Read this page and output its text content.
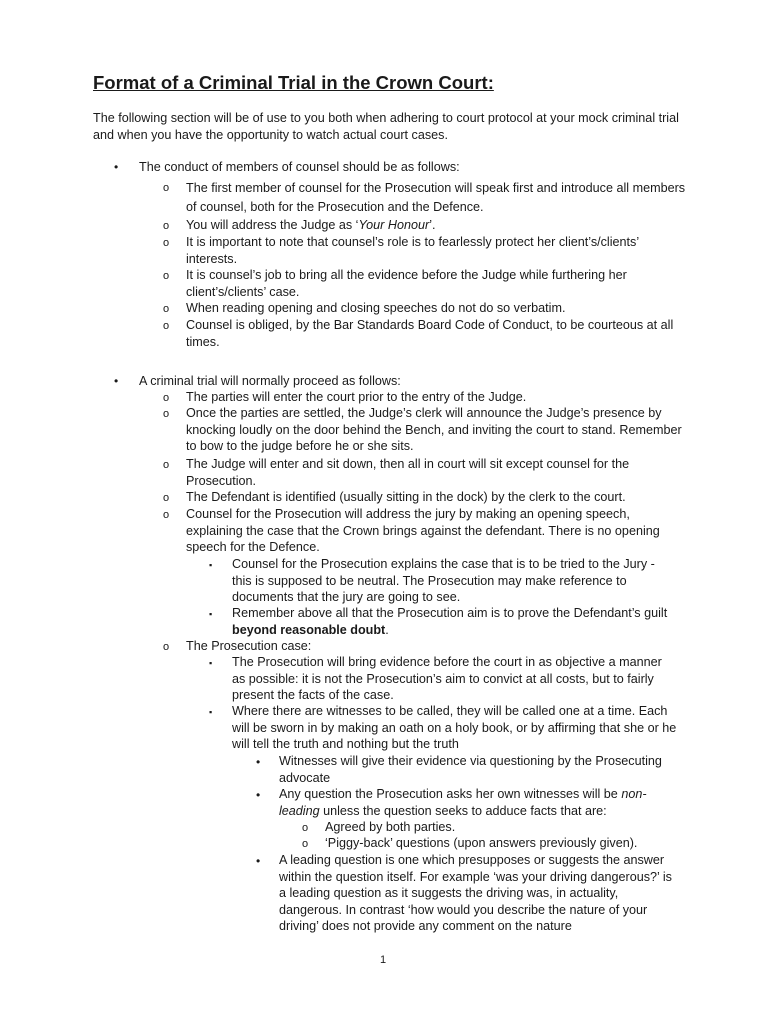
Format of a Criminal Trial in the Crown Court:

The following section will be of use to you both when adhering to court protocol at your mock criminal trial and when you have the opportunity to watch actual court cases.

• The conduct of members of counsel should be as follows:
o The first member of counsel for the Prosecution will speak first and introduce all members of counsel, both for the Prosecution and the Defence.
o You will address the Judge as ‘Your Honour’.
o It is important to note that counsel’s role is to fearlessly protect her client’s/clients’ interests.
o It is counsel’s job to bring all the evidence before the Judge while furthering her client’s/clients’ case.
o When reading opening and closing speeches do not do so verbatim.
o Counsel is obliged, by the Bar Standards Board Code of Conduct, to be courteous at all times.
• A criminal trial will normally proceed as follows:
o The parties will enter the court prior to the entry of the Judge.
o Once the parties are settled, the Judge’s clerk will announce the Judge’s presence by knocking loudly on the door behind the Bench, and inviting the court to stand. Remember to bow to the judge before he or she sits.
o The Judge will enter and sit down, then all in court will sit except counsel for the Prosecution.
o The Defendant is identified (usually sitting in the dock) by the clerk to the court.
o Counsel for the Prosecution will address the jury by making an opening speech, explaining the case that the Crown brings against the defendant. There is no opening speech for the Defence.
▪ Counsel for the Prosecution explains the case that is to be tried to the Jury - this is supposed to be neutral. The Prosecution may make reference to documents that the jury are going to see.
▪ Remember above all that the Prosecution aim is to prove the Defendant’s guilt beyond reasonable doubt.
o The Prosecution case:
▪ The Prosecution will bring evidence before the court in as objective a manner as possible: it is not the Prosecution’s aim to convict at all costs, but to fairly present the facts of the case.
▪ Where there are witnesses to be called, they will be called one at a time. Each will be sworn in by making an oath on a holy book, or by affirming that she or he will tell the truth and nothing but the truth
• Witnesses will give their evidence via questioning by the Prosecuting advocate
• Any question the Prosecution asks her own witnesses will be non-leading unless the question seeks to adduce facts that are:
o Agreed by both parties.
o ‘Piggy-back’ questions (upon answers previously given).
• A leading question is one which presupposes or suggests the answer within the question itself. For example ‘was your driving dangerous?’ is a leading question as it suggests the driving was, in actuality, dangerous. In contrast ‘how would you describe the nature of your driving’ does not provide any comment on the nature
1
